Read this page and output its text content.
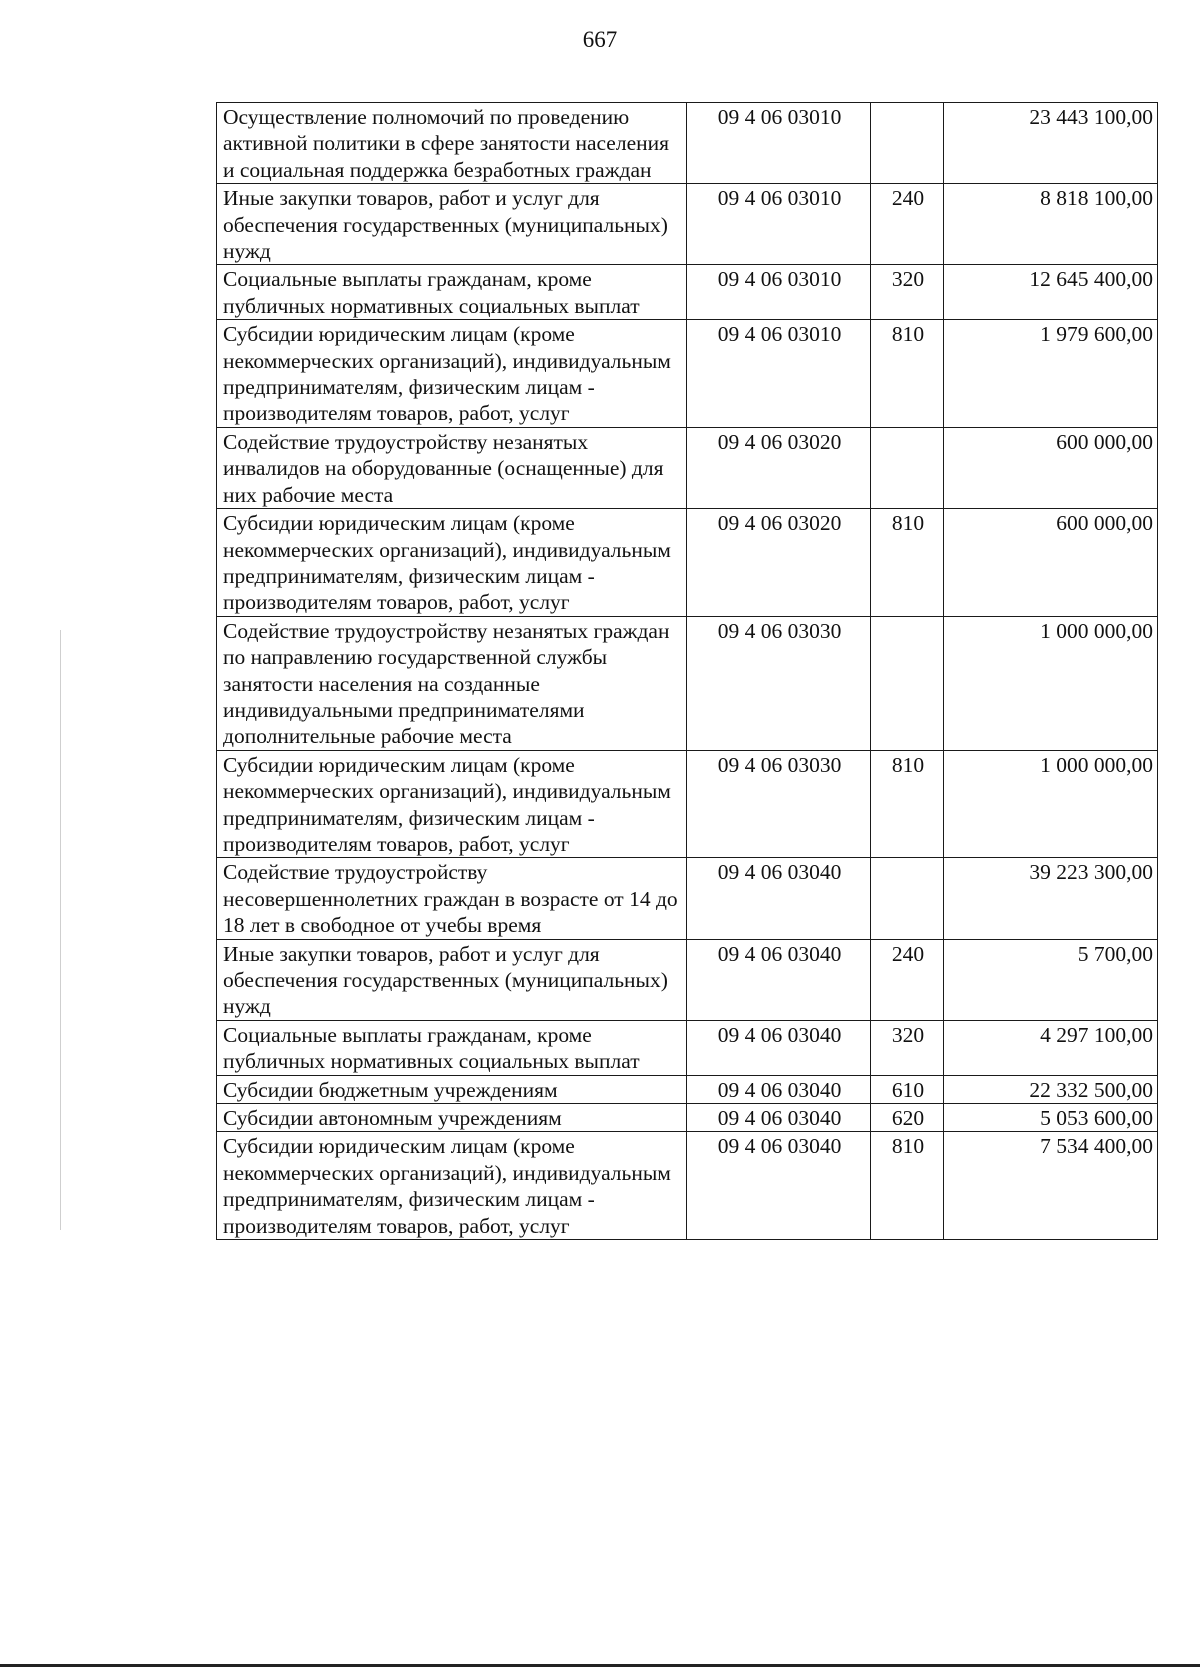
667
Осуществление полномочий по проведению активной политики в сфере занятости населения и социальная поддержка безработных граждан	09 4 06 03010		23 443 100,00
Иные закупки товаров, работ и услуг для обеспечения государственных (муниципальных) нужд	09 4 06 03010	240	8 818 100,00
Социальные выплаты гражданам, кроме публичных нормативных социальных выплат	09 4 06 03010	320	12 645 400,00
Субсидии юридическим лицам (кроме некоммерческих организаций), индивидуальным предпринимателям, физическим лицам - производителям товаров, работ, услуг	09 4 06 03010	810	1 979 600,00
Содействие трудоустройству незанятых инвалидов на оборудованные (оснащенные) для них рабочие места	09 4 06 03020		600 000,00
Субсидии юридическим лицам (кроме некоммерческих организаций), индивидуальным предпринимателям, физическим лицам - производителям товаров, работ, услуг	09 4 06 03020	810	600 000,00
Содействие трудоустройству незанятых граждан по направлению государственной службы занятости населения на созданные индивидуальными предпринимателями дополнительные рабочие места	09 4 06 03030		1 000 000,00
Субсидии юридическим лицам (кроме некоммерческих организаций), индивидуальным предпринимателям, физическим лицам - производителям товаров, работ, услуг	09 4 06 03030	810	1 000 000,00
Содействие трудоустройству несовершеннолетних граждан в возрасте от 14 до 18 лет в свободное от учебы время	09 4 06 03040		39 223 300,00
Иные закупки товаров, работ и услуг для обеспечения государственных (муниципальных) нужд	09 4 06 03040	240	5 700,00
Социальные выплаты гражданам, кроме публичных нормативных социальных выплат	09 4 06 03040	320	4 297 100,00
Субсидии бюджетным учреждениям	09 4 06 03040	610	22 332 500,00
Субсидии автономным учреждениям	09 4 06 03040	620	5 053 600,00
Субсидии юридическим лицам (кроме некоммерческих организаций), индивидуальным предпринимателям, физическим лицам - производителям товаров, работ, услуг	09 4 06 03040	810	7 534 400,00
